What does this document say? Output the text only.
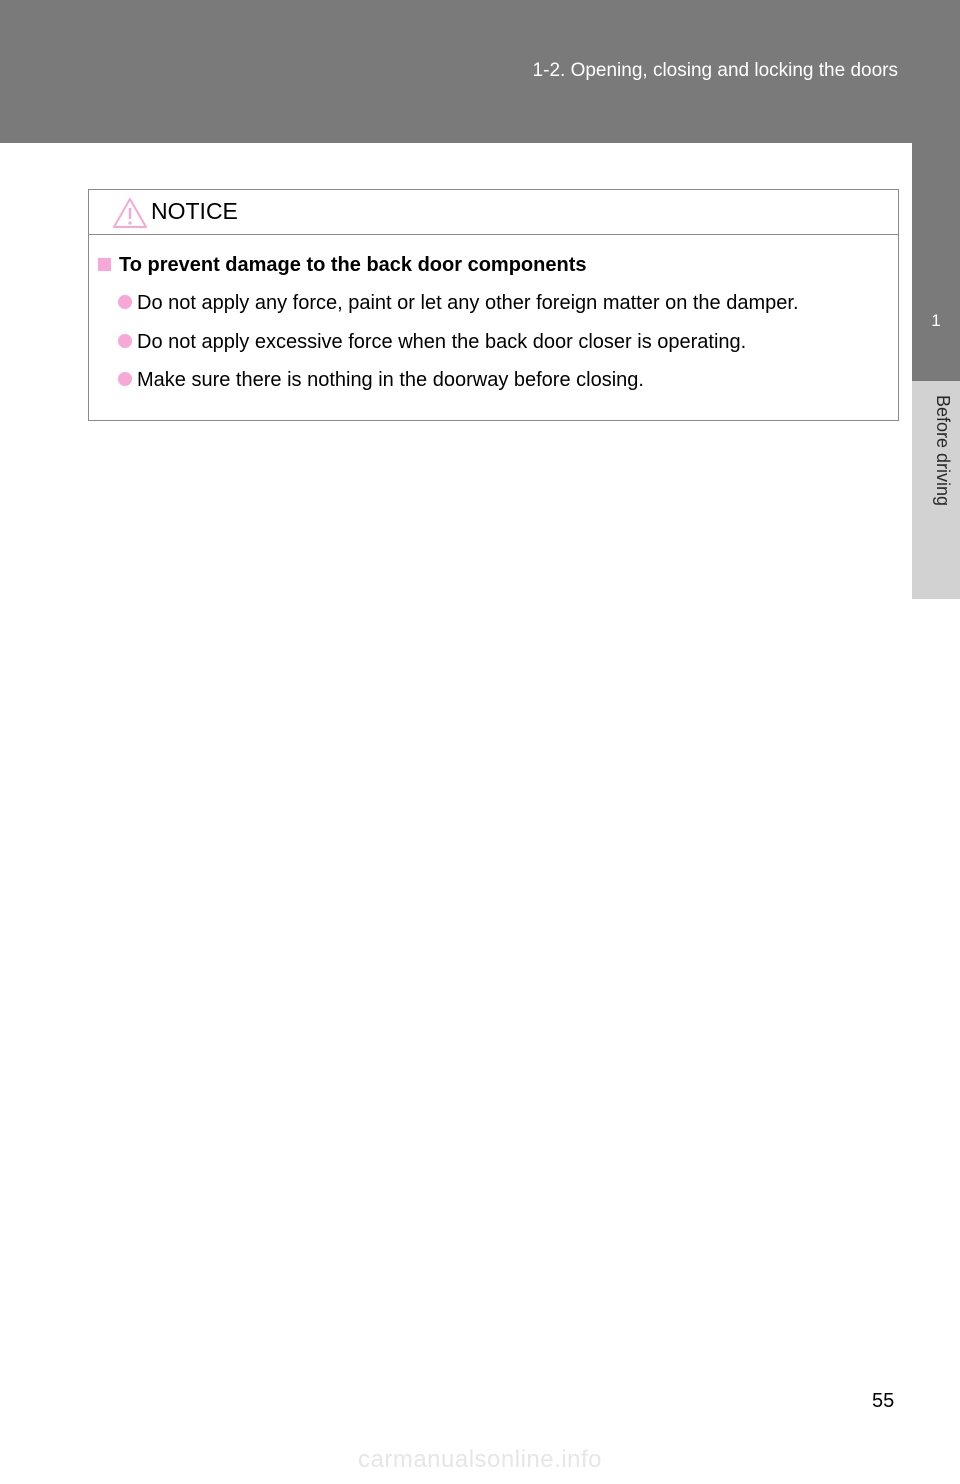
1-2. Opening, closing and locking the doors
1
Before driving
NOTICE
To prevent damage to the back door components
Do not apply any force, paint or let any other foreign matter on the damper.
Do not apply excessive force when the back door closer is operating.
Make sure there is nothing in the doorway before closing.
55
carmanualsonline.info
